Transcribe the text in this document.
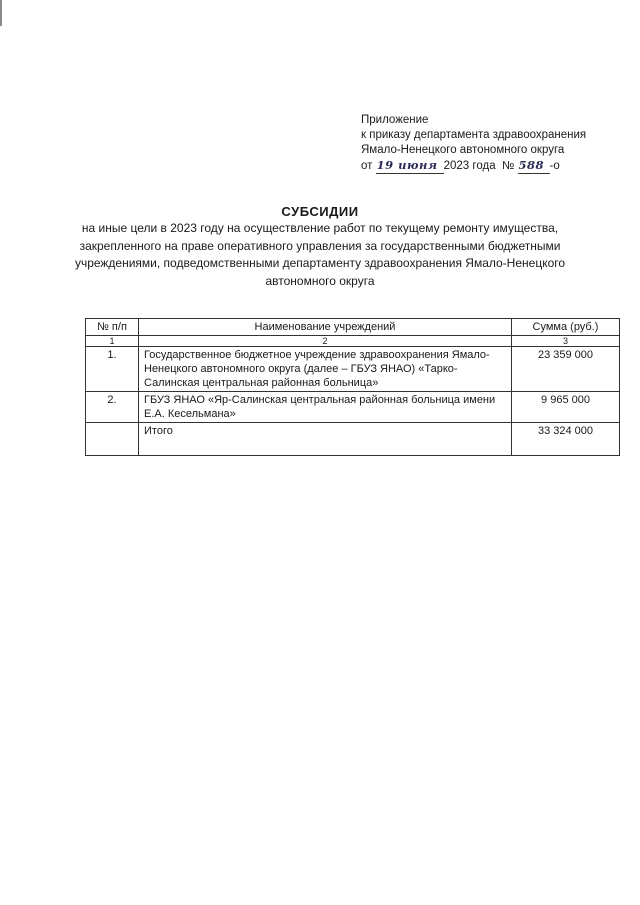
Приложение
к приказу департамента здравоохранения
Ямало-Ненецкого автономного округа
от 19 июня 2023 года № 588 -о
СУБСИДИИ
на иные цели в 2023 году на осуществление работ по текущему ремонту имущества, закрепленного на праве оперативного управления за государственными бюджетными учреждениями, подведомственными департаменту здравоохранения Ямало-Ненецкого автономного округа
№ п/п	Наименование учреждений	Сумма (руб.)
1	2	3
1.	Государственное бюджетное учреждение здравоохранения Ямало-Ненецкого автономного округа (далее – ГБУЗ ЯНАО) «Тарко-Салинская центральная районная больница»	23 359 000
2.	ГБУЗ ЯНАО «Яр-Салинская центральная районная больница имени Е.А. Кесельмана»	9 965 000
	Итого	33 324 000
